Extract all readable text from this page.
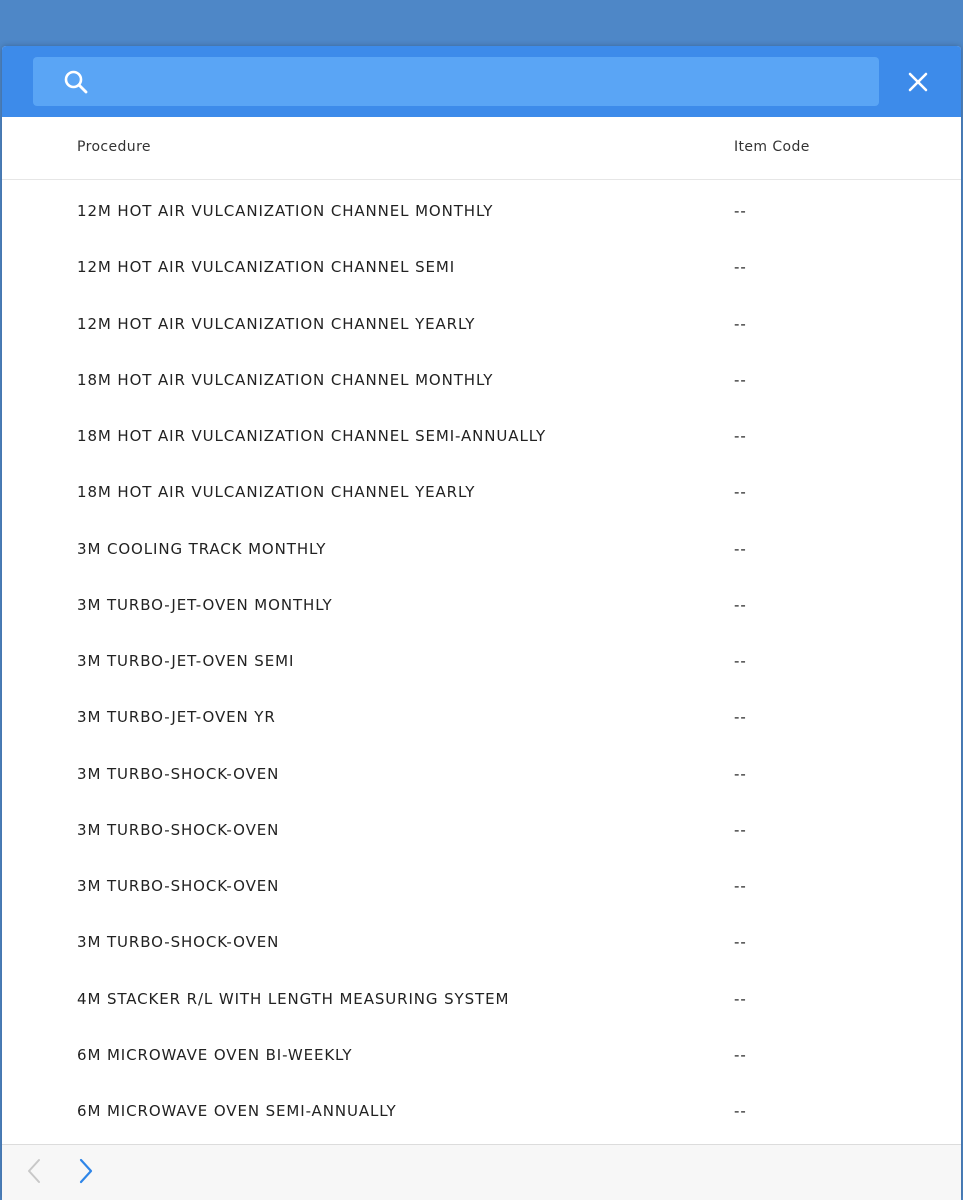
Procedure	Item Code
12M HOT AIR VULCANIZATION CHANNEL MONTHLY	--
12M HOT AIR VULCANIZATION CHANNEL SEMI	--
12M HOT AIR VULCANIZATION CHANNEL YEARLY	--
18M HOT AIR VULCANIZATION CHANNEL MONTHLY	--
18M HOT AIR VULCANIZATION CHANNEL SEMI-ANNUALLY	--
18M HOT AIR VULCANIZATION CHANNEL YEARLY	--
3M COOLING TRACK MONTHLY	--
3M TURBO-JET-OVEN MONTHLY	--
3M TURBO-JET-OVEN SEMI	--
3M TURBO-JET-OVEN YR	--
3M TURBO-SHOCK-OVEN	--
3M TURBO-SHOCK-OVEN	--
3M TURBO-SHOCK-OVEN	--
3M TURBO-SHOCK-OVEN	--
4M STACKER R/L WITH LENGTH MEASURING SYSTEM	--
6M MICROWAVE OVEN BI-WEEKLY	--
6M MICROWAVE OVEN SEMI-ANNUALLY	--
